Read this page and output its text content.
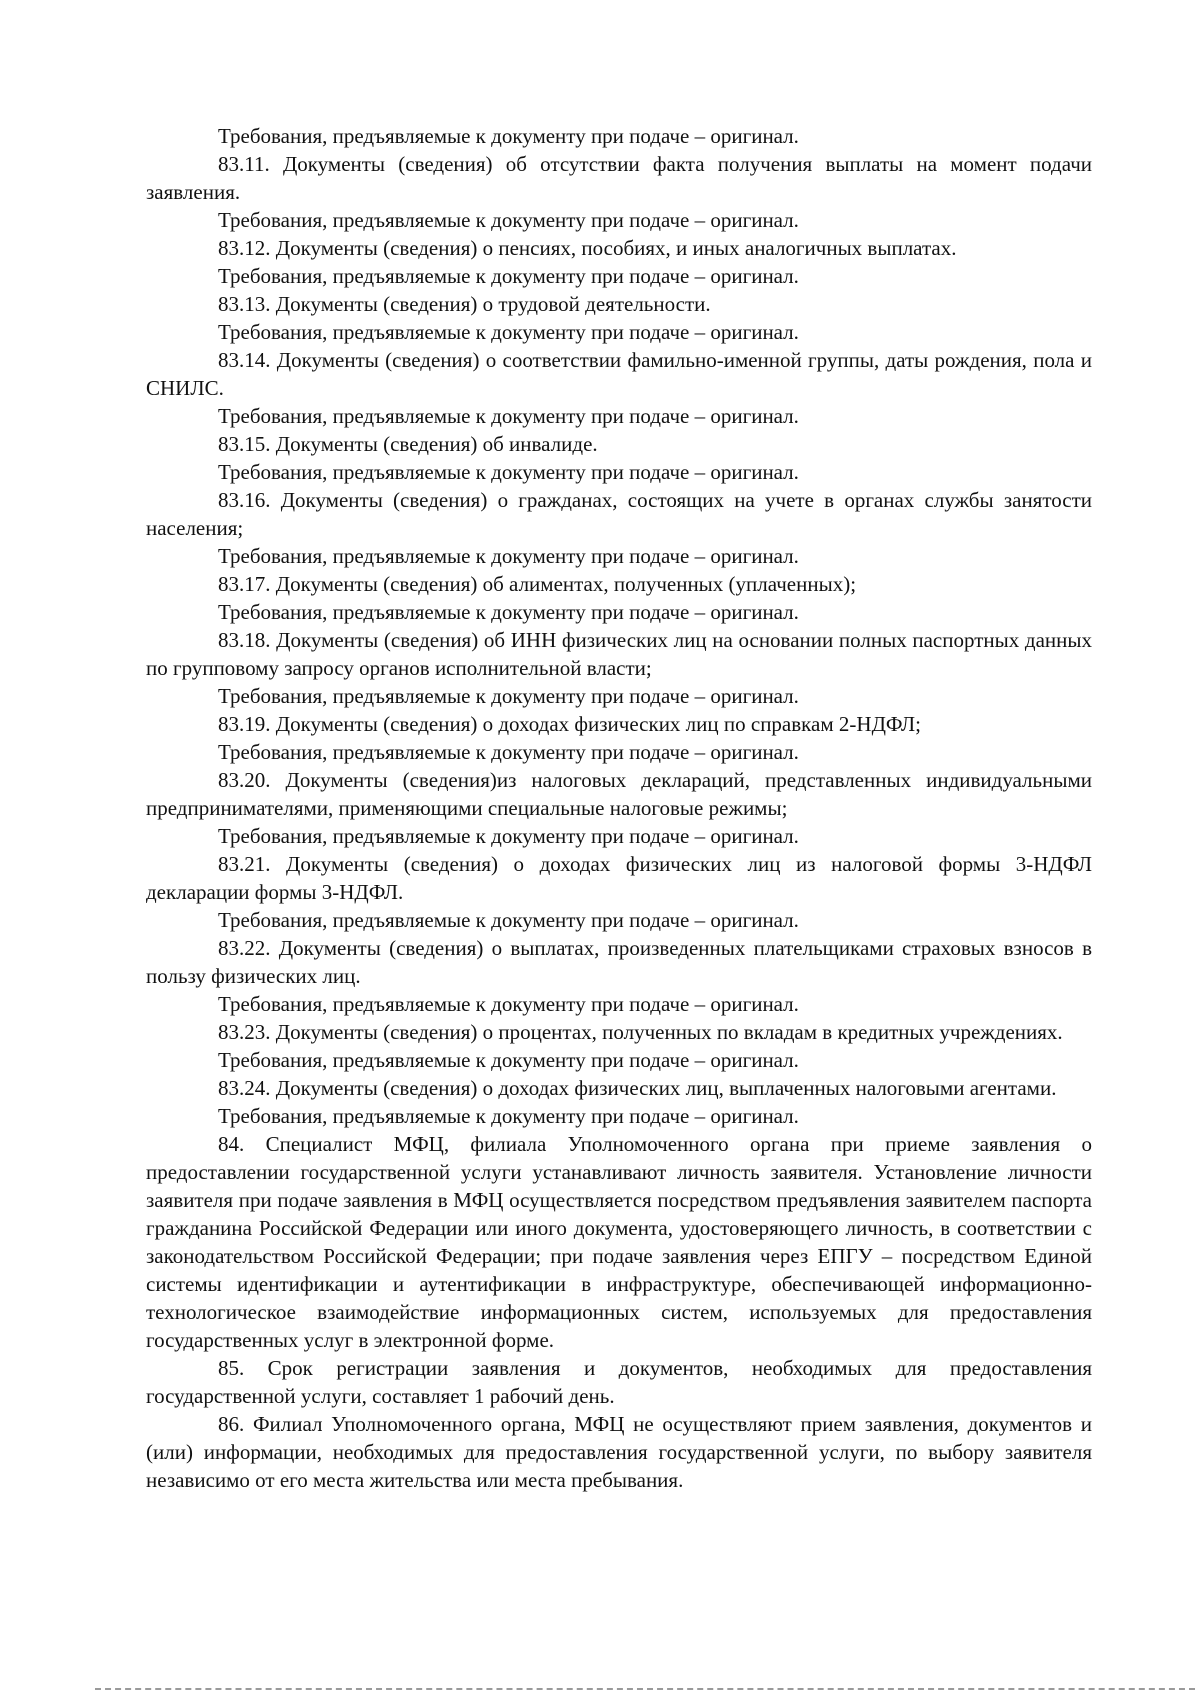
Требования, предъявляемые к документу при подаче – оригинал.

83.11. Документы (сведения) об отсутствии факта получения выплаты на момент подачи заявления.

Требования, предъявляемые к документу при подаче – оригинал.

83.12. Документы (сведения) о пенсиях, пособиях, и иных аналогичных выплатах.

Требования, предъявляемые к документу при подаче – оригинал.

83.13. Документы (сведения) о трудовой деятельности.

Требования, предъявляемые к документу при подаче – оригинал.

83.14. Документы (сведения) о соответствии фамильно-именной группы, даты рождения, пола и СНИЛС.

Требования, предъявляемые к документу при подаче – оригинал.

83.15. Документы (сведения) об инвалиде.

Требования, предъявляемые к документу при подаче – оригинал.

83.16. Документы (сведения) о гражданах, состоящих на учете в органах службы занятости населения;

Требования, предъявляемые к документу при подаче – оригинал.

83.17. Документы (сведения) об алиментах, полученных (уплаченных);

Требования, предъявляемые к документу при подаче – оригинал.

83.18. Документы (сведения) об ИНН физических лиц на основании полных паспортных данных по групповому запросу органов исполнительной власти;

Требования, предъявляемые к документу при подаче – оригинал.

83.19. Документы (сведения) о доходах физических лиц по справкам 2-НДФЛ;

Требования, предъявляемые к документу при подаче – оригинал.

83.20. Документы (сведения)из налоговых деклараций, представленных индивидуальными предпринимателями, применяющими специальные налоговые режимы;

Требования, предъявляемые к документу при подаче – оригинал.

83.21. Документы (сведения) о доходах физических лиц из налоговой формы 3-НДФЛ декларации формы 3-НДФЛ.

Требования, предъявляемые к документу при подаче – оригинал.

83.22. Документы (сведения) о выплатах, произведенных плательщиками страховых взносов в пользу физических лиц.

Требования, предъявляемые к документу при подаче – оригинал.

83.23. Документы (сведения) о процентах, полученных по вкладам в кредитных учреждениях.

Требования, предъявляемые к документу при подаче – оригинал.

83.24. Документы (сведения) о доходах физических лиц, выплаченных налоговыми агентами.

Требования, предъявляемые к документу при подаче – оригинал.

84. Специалист МФЦ, филиала Уполномоченного органа при приеме заявления о предоставлении государственной услуги устанавливают личность заявителя. Установление личности заявителя при подаче заявления в МФЦ осуществляется посредством предъявления заявителем паспорта гражданина Российской Федерации или иного документа, удостоверяющего личность, в соответствии с законодательством Российской Федерации; при подаче заявления через ЕПГУ – посредством Единой системы идентификации и аутентификации в инфраструктуре, обеспечивающей информационно-технологическое взаимодействие информационных систем, используемых для предоставления государственных услуг в электронной форме.

85. Срок регистрации заявления и документов, необходимых для предоставления государственной услуги, составляет 1 рабочий день.

86. Филиал Уполномоченного органа, МФЦ не осуществляют прием заявления, документов и (или) информации, необходимых для предоставления государственной услуги, по выбору заявителя независимо от его места жительства или места пребывания.
